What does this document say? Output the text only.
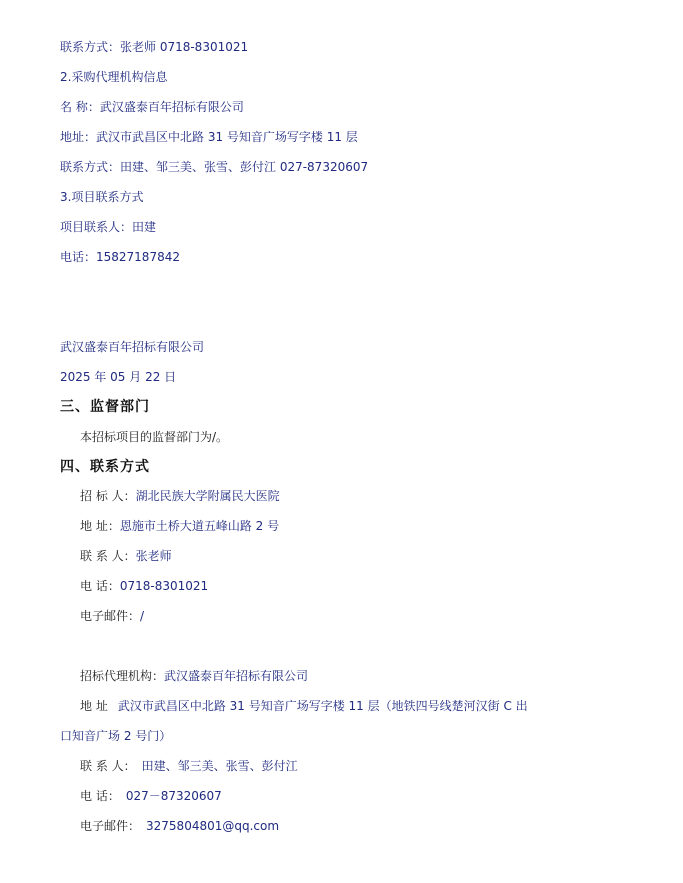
联系方式：张老师 0718-8301021
2.采购代理机构信息
名 称：武汉盛泰百年招标有限公司
地址：武汉市武昌区中北路 31 号知音广场写字楼 11 层
联系方式：田建、邹三美、张雪、彭付江 027-87320607
3.项目联系方式
项目联系人：田建
电话：15827187842
武汉盛泰百年招标有限公司
2025 年 05 月 22 日
三、监督部门
本招标项目的监督部门为/。
四、联系方式
招 标 人：湖北民族大学附属民大医院
地 址：恩施市土桥大道五峰山路 2 号
联 系 人：张老师
电 话：0718-8301021
电子邮件：/
招标代理机构：武汉盛泰百年招标有限公司
地 址 武汉市武昌区中北路 31 号知音广场写字楼 11 层（地铁四号线楚河汉街 C 出
口知音广场 2 号门）
联 系 人： 田建、邹三美、张雪、彭付江
电 话： 027－87320607
电子邮件： 3275804801@qq.com
